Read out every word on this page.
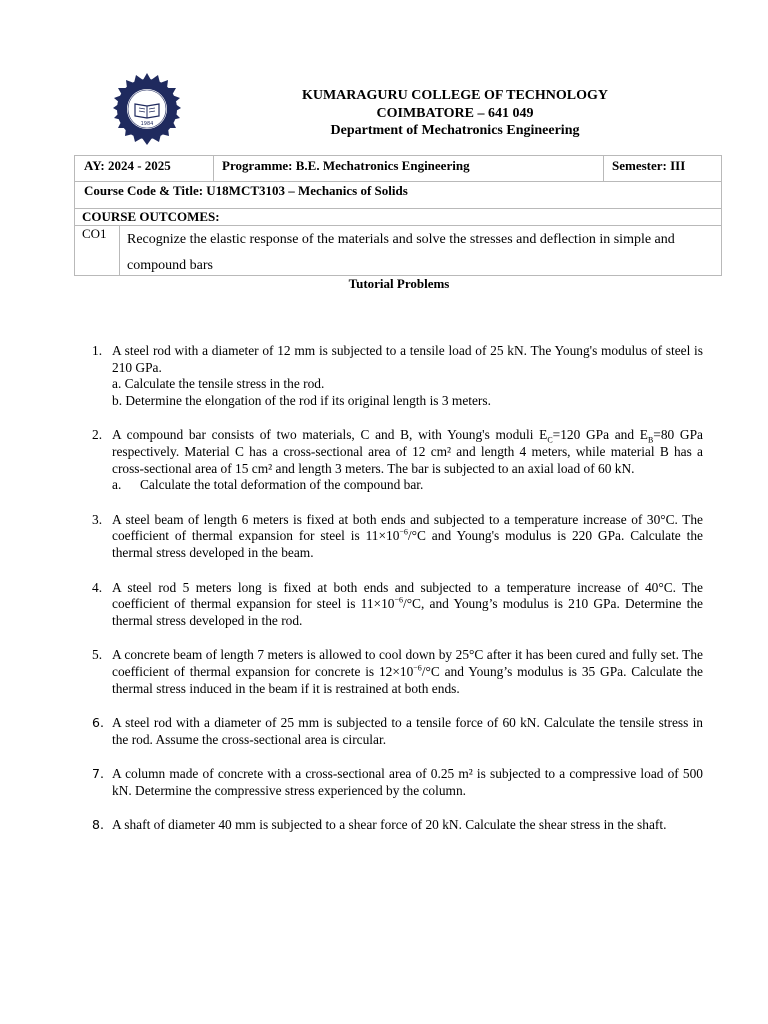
1984
KUMARAGURU COLLEGE OF TECHNOLOGY
COIMBATORE – 641 049
Department of Mechatronics Engineering
AY: 2024 - 2025	Programme: B.E. Mechatronics Engineering	Semester: III
Course Code & Title: U18MCT3103 – Mechanics of Solids
COURSE OUTCOMES:
CO1 Recognize the elastic response of the materials and solve the stresses and deflection in simple and compound bars
Tutorial Problems
1. A steel rod with a diameter of 12 mm is subjected to a tensile load of 25 kN. The Young's modulus of steel is 210 GPa.
a. Calculate the tensile stress in the rod.
b. Determine the elongation of the rod if its original length is 3 meters.
2. A compound bar consists of two materials, C and B, with Young's moduli $E_C=120$ GPa and $E_B=80$ GPa respectively. Material C has a cross-sectional area of 12 cm² and length 4 meters, while material B has a cross-sectional area of 15 cm² and length 3 meters. The bar is subjected to an axial load of 60 kN.
a. Calculate the total deformation of the compound bar.
3. A steel beam of length 6 meters is fixed at both ends and subjected to a temperature increase of 30°C. The coefficient of thermal expansion for steel is $11\times 10^{-6}/^\circ C$ and Young's modulus is 220 GPa. Calculate the thermal stress developed in the beam.
4. A steel rod 5 meters long is fixed at both ends and subjected to a temperature increase of 40°C. The coefficient of thermal expansion for steel is $11\times 10^{-6}/^\circ C$, and Young’s modulus is 210 GPa. Determine the thermal stress developed in the rod.
5. A concrete beam of length 7 meters is allowed to cool down by 25°C after it has been cured and fully set. The coefficient of thermal expansion for concrete is $12\times 10^{-6}/^\circ C$ and Young’s modulus is 35 GPa. Calculate the thermal stress induced in the beam if it is restrained at both ends.
6. A steel rod with a diameter of 25 mm is subjected to a tensile force of 60 kN. Calculate the tensile stress in the rod. Assume the cross-sectional area is circular.
7. A column made of concrete with a cross-sectional area of 0.25 m² is subjected to a compressive load of 500 kN. Determine the compressive stress experienced by the column.
8. A shaft of diameter 40 mm is subjected to a shear force of 20 kN. Calculate the shear stress in the shaft.
